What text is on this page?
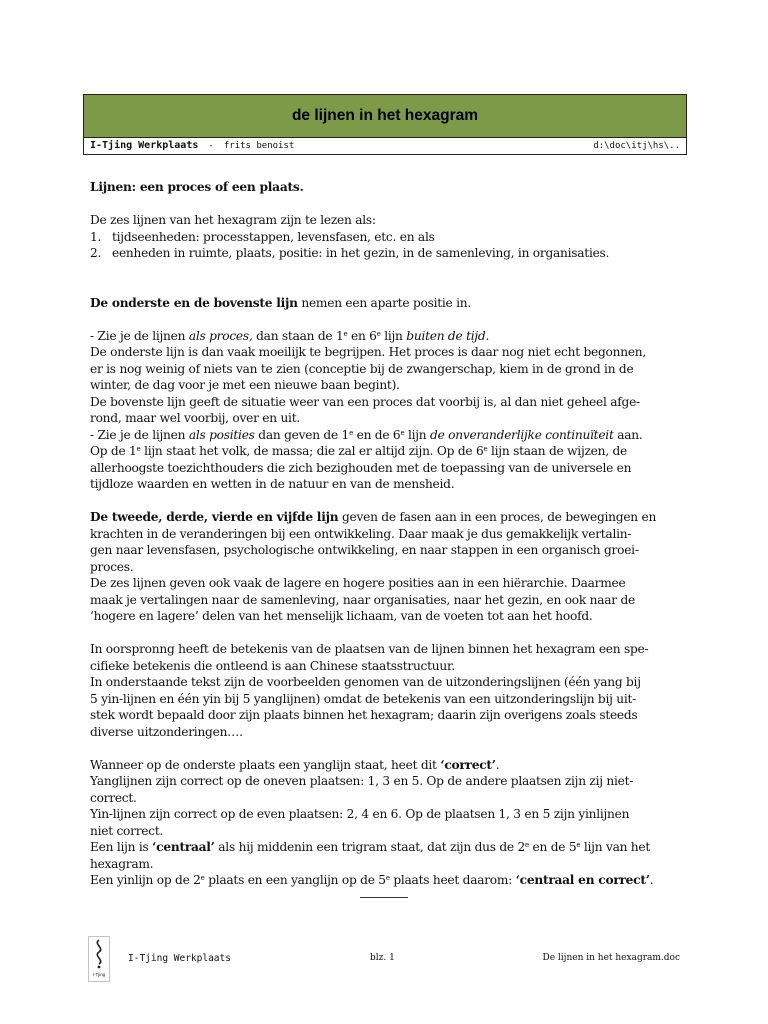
de lijnen in het hexagram
I-Tjing Werkplaats - frits benoist	d:\doc\itj\hs\..

Lijnen: een proces of een plaats.

De zes lijnen van het hexagram zijn te lezen als:

1. tijdseenheden: processtappen, levensfasen, etc. en als
2. eenheden in ruimte, plaats, positie: in het gezin, in de samenleving, in organisaties.

De onderste en de bovenste lijn nemen een aparte positie in.

- Zie je de lijnen als proces, dan staan de 1e en 6e lijn buiten de tijd.

De onderste lijn is dan vaak moeilijk te begrijpen. Het proces is daar nog niet echt begonnen,

er is nog weinig of niets van te zien (conceptie bij de zwangerschap, kiem in de grond in de

winter, de dag voor je met een nieuwe baan begint).

De bovenste lijn geeft de situatie weer van een proces dat voorbij is, al dan niet geheel afge-

rond, maar wel voorbij, over en uit.

- Zie je de lijnen als posities dan geven de 1e en de 6e lijn de onveranderlijke continuïteit aan.

Op de 1e lijn staat het volk, de massa; die zal er altijd zijn. Op de 6e lijn staan de wijzen, de

allerhoogste toezichthouders die zich bezighouden met de toepassing van de universele en

tijdloze waarden en wetten in de natuur en van de mensheid.

De tweede, derde, vierde en vijfde lijn geven de fasen aan in een proces, de bewegingen en

krachten in de veranderingen bij een ontwikkeling. Daar maak je dus gemakkelijk vertalin-

gen naar levensfasen, psychologische ontwikkeling, en naar stappen in een organisch groei-

proces.

De zes lijnen geven ook vaak de lagere en hogere posities aan in een hiërarchie. Daarmee

maak je vertalingen naar de samenleving, naar organisaties, naar het gezin, en ook naar de

‘hogere en lagere’ delen van het menselijk lichaam, van de voeten tot aan het hoofd.

In oorspronng heeft de betekenis van de plaatsen van de lijnen binnen het hexagram een spe-

cifieke betekenis die ontleend is aan Chinese staatsstructuur.

In onderstaande tekst zijn de voorbeelden genomen van de uitzonderingslijnen (één yang bij

5 yin-lijnen en één yin bij 5 yanglijnen) omdat de betekenis van een uitzonderingslijn bij uit-

stek wordt bepaald door zijn plaats binnen het hexagram; daarin zijn overigens zoals steeds

diverse uitzonderingen….

Wanneer op de onderste plaats een yanglijn staat, heet dit ‘correct’.

Yanglijnen zijn correct op de oneven plaatsen: 1, 3 en 5. Op de andere plaatsen zijn zij niet-

correct.

Yin-lijnen zijn correct op de even plaatsen: 2, 4 en 6. Op de plaatsen 1, 3 en 5 zijn yinlijnen

niet correct.

Een lijn is ‘centraal’ als hij middenin een trigram staat, dat zijn dus de 2e en de 5e lijn van het

hexagram.

Een yinlijn op de 2e plaats en een yanglijn op de 5e plaats heet daarom: ‘centraal en correct’.

I-Tjing
I-Tjing Werkplaats	blz. 1	De lijnen in het hexagram.doc
